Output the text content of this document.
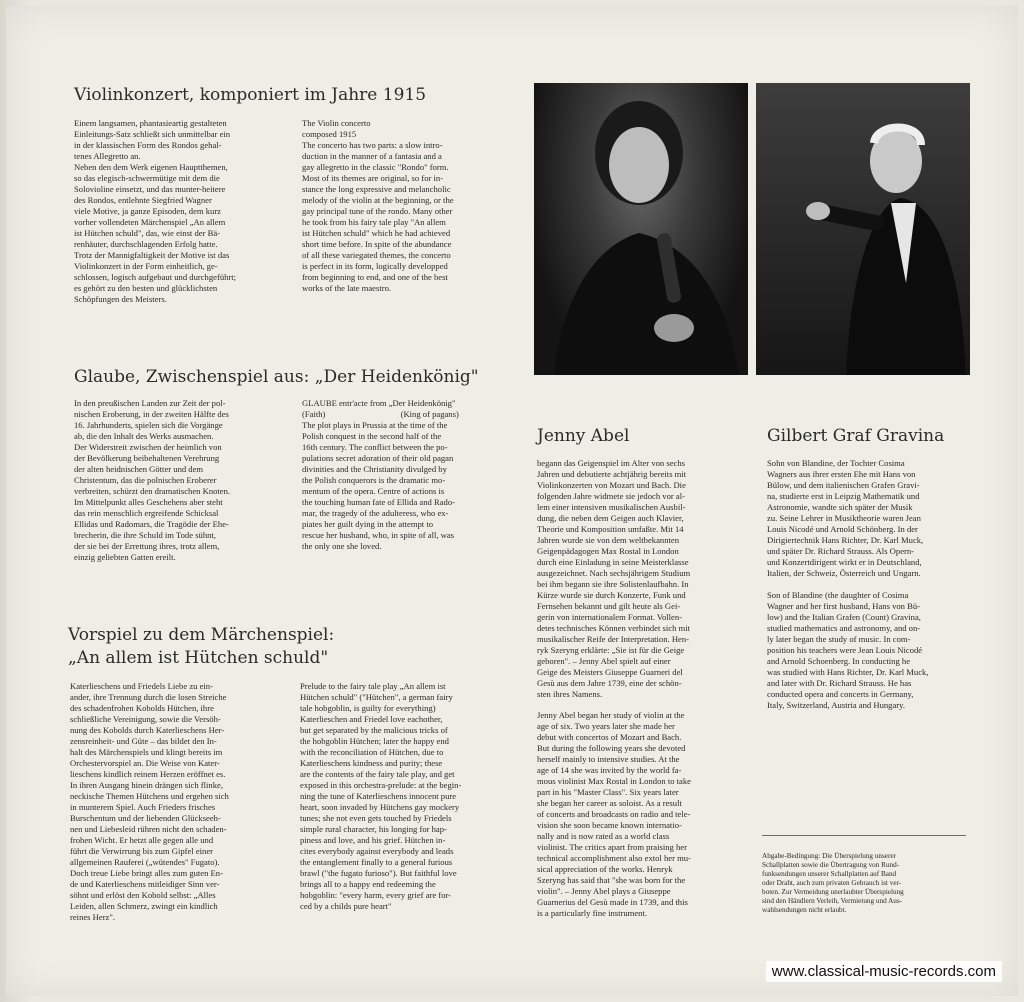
Violinkonzert, komponiert im Jahre 1915
Einem langsamen, phantasieartig gestalteten
Einleitungs-Satz schließt sich unmittelbar ein
in der klassischen Form des Rondos gehal-
tenes Allegretto an.
Neben den dem Werk eigenen Hauptthemen,
so das elegisch-schwermütige mit dem die
Solovioline einsetzt, und das munter-heitere
des Rondos, entlehnte Siegfried Wagner
viele Motive, ja ganze Episoden, dem kurz
vorher vollendeten Märchenspiel „An allem
ist Hütchen schuld", das, wie einst der Bä-
renhäuter, durchschlagenden Erfolg hatte.
Trotz der Mannigfaltigkeit der Motive ist das
Violinkonzert in der Form einheitlich, ge-
schlossen, logisch aufgebaut und durchgeführt;
es gehört zu den besten und glücklichsten
Schöpfungen des Meisters.
The Violin concerto
composed 1915
The concerto has two parts: a slow intro-
duction in the manner of a fantasia and a
gay allegretto in the classic "Rondo" form.
Most of its themes are original, so for in-
stance the long expressive and melancholic
melody of the violin at the beginning, or the
gay principal tune of the rondo. Many other
he took from his fairy tale play "An allem
ist Hütchen schuld" which he had achieved
short time before. In spite of the abundance
of all these variegated themes, the concerto
is perfect in its form, logically developped
from beginning to end, and one of the best
works of the late maestro.
Glaube, Zwischenspiel aus: „Der Heidenkönig"
In den preußischen Landen zur Zeit der pol-
nischen Eroberung, in der zweiten Hälfte des
16. Jahrhunderts, spielen sich die Vorgänge
ab, die den Inhalt des Werks ausmachen.
Der Widerstreit zwischen der heimlich von
der Bevölkerung beibehaltenen Verehrung
der alten heidnischen Götter und dem
Christentum, das die polnischen Eroberer
verbreiten, schürzt den dramatischen Knoten.
Im Mittelpunkt alles Geschehens aber steht
das rein menschlich ergreifende Schicksal
Ellidas und Radomars, die Tragödie der Ehe-
brecherin, die ihre Schuld im Tode sühnt,
der sie bei der Errettung ihres, trotz allem,
einzig geliebten Gatten ereilt.
GLAUBE entr'acte from „Der Heidenkönig"
(Faith)                                   (King of pagans)
The plot plays in Prussia at the time of the
Polish conquest in the second half of the
16th century. The conflict between the po-
pulations secret adoration of their old pagan
divinities and the Christianity divulged by
the Polish conquerors is the dramatic mo-
mentum of the opera. Centre of actions is
the touching human fate of Ellida and Rado-
mar, the tragedy of the adulteress, who ex-
piates her guilt dying in the attempt to
rescue her husband, who, in spite of all, was
the only one she loved.
Vorspiel zu dem Märchenspiel:
„An allem ist Hütchen schuld"
Katerlieschens und Friedels Liebe zu ein-
ander, ihre Trennung durch die losen Streiche
des schadenfrohen Kobolds Hütchen, ihre
schließliche Vereinigung, sowie die Versöh-
nung des Kobolds durch Katerlieschens Her-
zensreinheit- und Güte – das bildet den In-
halt des Märchenspiels und klingt bereits im
Orchestervorspiel an. Die Weise von Kater-
lieschens kindlich reinem Herzen eröffnet es.
In ihren Ausgang hinein drängen sich flinke,
neckische Themen Hütchens und ergehen sich
in munterem Spiel. Auch Frieders frisches
Burschentum und der liebenden Glückseeh-
nen und Liebesleid rühren nicht den schaden-
frohen Wicht. Er hetzt alle gegen alle und
führt die Verwirrung bis zum Gipfel einer
allgemeinen Rauferei („wütendes" Fugato).
Doch treue Liebe bringt alles zum guten En-
de und Katerlieschens mitleidiger Sinn ver-
söhnt und erlöst den Kobold selbst: „Alles
Leiden, allen Schmerz, zwingt ein kindlich
reines Herz".
Prelude to the fairy tale play „An allem ist
Hütchen schuld" ("Hütchen", a german fairy
tale hobgoblin, is guilty for everything)
Katerlieschen and Friedel love eachother,
but get separated by the malicious tricks of
the hobgoblin Hütchen; later the happy end
with the reconciliation of Hütchen, due to
Katerlieschens kindness and purity; these
are the contents of the fairy tale play, and get
exposed in this orchestra-prelude: at the begin-
ning the tune of Katerlieschens innocent pure
heart, soon invaded by Hütchens gay mockery
tunes; she not even gets touched by Friedels
simple rural character, his longing for hap-
piness and love, and his grief. Hütchen in-
cites everybody against everybody and leads
the entanglement finally to a general furious
brawl ("the fugato furioso"). But faithful love
brings all to a happy end redeeming the
hobgoblin: "every harm, every grief are for-
ced by a childs pure heart"
Jenny Abel
begann das Geigenspiel im Alter von sechs
Jahren und debutierte achtjährig bereits mit
Violinkonzerten von Mozart und Bach. Die
folgenden Jahre widmete sie jedoch vor al-
lem einer intensiven musikalischen Ausbil-
dung, die neben dem Geigen auch Klavier,
Theorie und Komposition umfaßte. Mit 14
Jahren wurde sie von dem weltbekannten
Geigenpädagogen Max Rostal in London
durch eine Einladung in seine Meisterklasse
ausgezeichnet. Nach sechsjährigem Studium
bei ihm begann sie ihre Solistenlaufbahn. In
Kürze wurde sie durch Konzerte, Funk und
Fernsehen bekannt und gilt heute als Gei-
gerin von internationalem Format. Vollen-
detes technisches Können verbindet sich mit
musikalischer Reife der Interpretation. Hen-
ryk Szeryng erklärte: „Sie ist für die Geige
geboren". – Jenny Abel spielt auf einer
Geige des Meisters Giuseppe Guarneri del
Gesù aus dem Jahre 1739, eine der schön-
sten ihres Namens.
Jenny Abel began her study of violin at the
age of six. Two years later she made her
debut with concertos of Mozart and Bach.
But during the following years she devoted
herself mainly to intensive studies. At the
age of 14 she was invited by the world fa-
mous violinist Max Rostal in London to take
part in his "Master Class". Six years later
she began her career as soloist. As a result
of concerts and broadcasts on radio and tele-
vision she soon became known internatio-
nally and is now rated as a world class
violinist. The critics apart from praising her
technical accomplishment also extol her mu-
sical appreciation of the works. Henryk
Szeryng has said that "she was born for the
violin". – Jenny Abel plays a Giuseppe
Guarnerius del Gesù made in 1739, and this
is a particularly fine instrument.
Gilbert Graf Gravina
Sohn von Blandine, der Tochter Cosima
Wagners aus ihrer ersten Ehe mit Hans von
Bülow, und dem italienischen Grafen Gravi-
na, studierte erst in Leipzig Mathematik und
Astronomie, wandte sich später der Musik
zu. Seine Lehrer in Musiktheorie waren Jean
Louis Nicodé und Arnold Schönberg. In der
Dirigiertechnik Hans Richter, Dr. Karl Muck,
und später Dr. Richard Strauss. Als Opern-
und Konzertdirigent wirkt er in Deutschland,
Italien, der Schweiz, Österreich und Ungarn.
Son of Blandine (the daughter of Cosima
Wagner and her first husband, Hans von Bü-
low) and the Italian Grafen (Count) Gravina,
studied mathematics and astronomy, and on-
ly later began the study of music. In com-
position his teachers were Jean Louis Nicodé
and Arnold Schoenberg. In conducting he
was studied with Hans Richter, Dr. Karl Muck,
and later with Dr. Richard Strauss. He has
conducted opera and concerts in Germany,
Italy, Switzerland, Austria and Hungary.
Abgabe-Bedingung: Die Überspielung unserer
Schallplatten sowie die Übertragung von Rund-
funksendungen unserer Schallplatten auf Band
oder Draht, auch zum privaten Gebrauch ist ver-
boten. Zur Vermeidung unerlaubter Überspielung
sind den Händlern Verleih, Vermietung und Aus-
wahlsendungen nicht erlaubt.
www.classical-music-records.com
